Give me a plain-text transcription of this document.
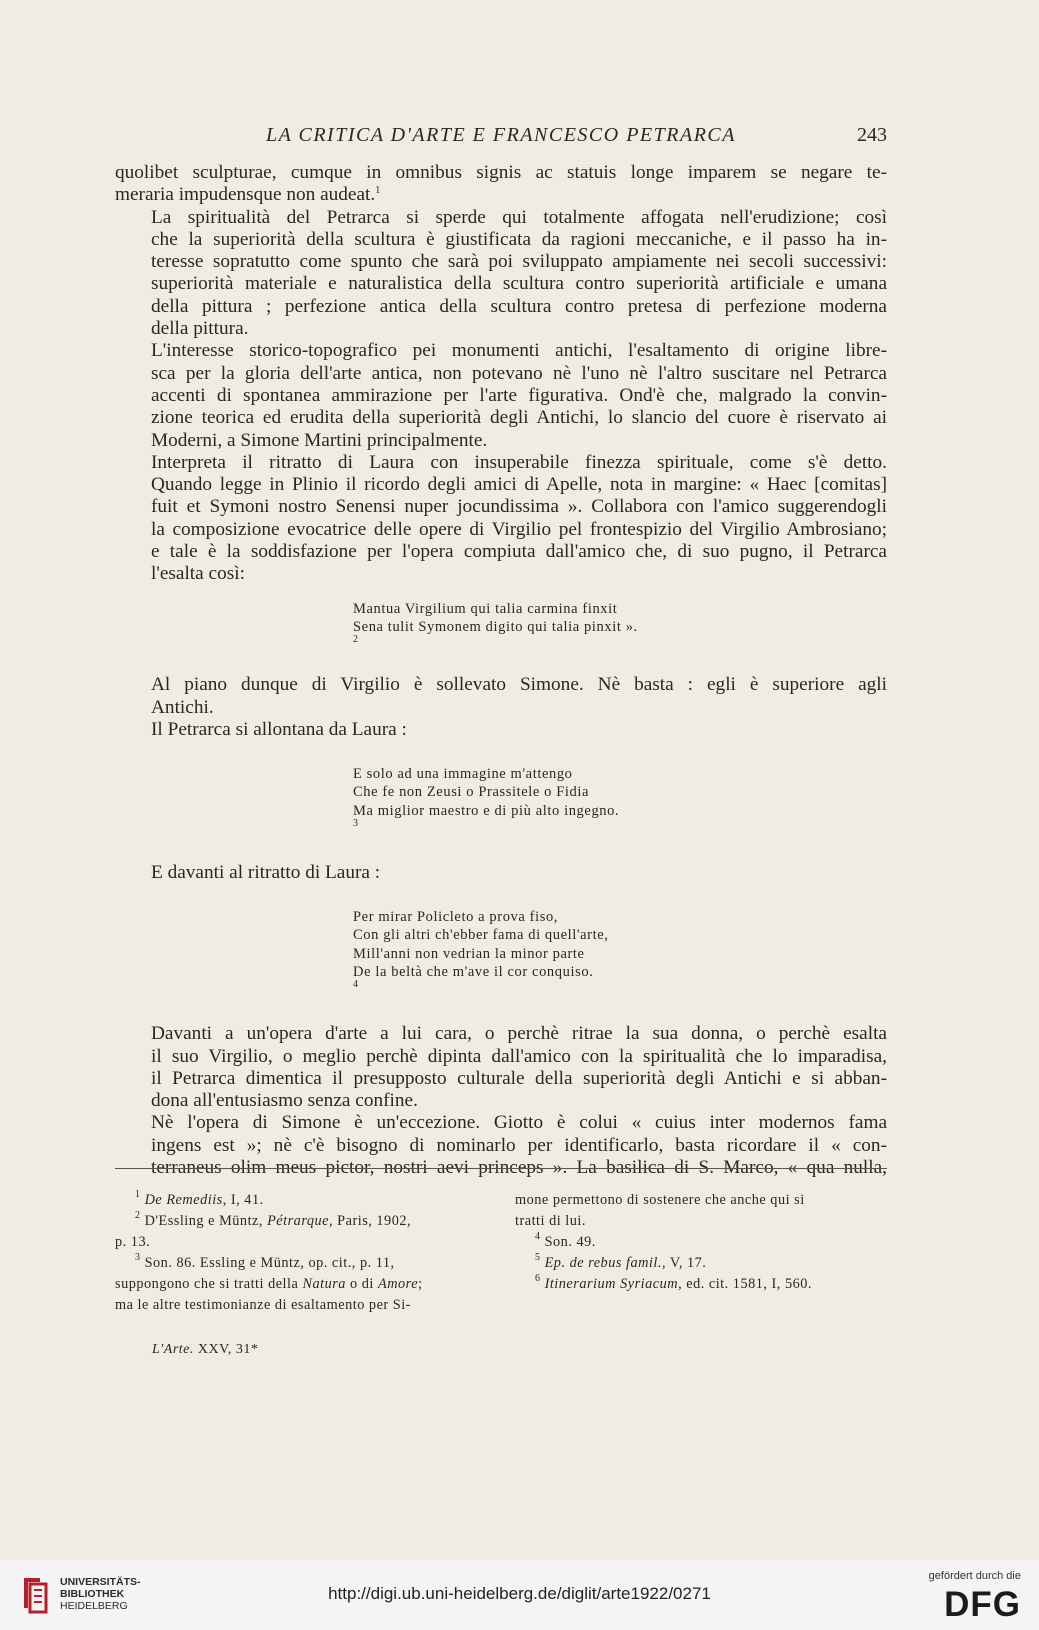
LA CRITICA D'ARTE E FRANCESCO PETRARCA	243

quolibet sculpturae, cumque in omnibus signis ac statuis longe imparem se negare te-
meraria impudensque non audeat.$^1$

La spiritualità del Petrarca si sperde qui totalmente affogata nell'erudizione; così
che la superiorità della scultura è giustificata da ragioni meccaniche, e il passo ha in-
teresse sopratutto come spunto che sarà poi sviluppato ampiamente nei secoli successivi:
superiorità materiale e naturalistica della scultura contro superiorità artificiale e umana
della pittura ; perfezione antica della scultura contro pretesa di perfezione moderna
della pittura.

L'interesse storico-topografico pei monumenti antichi, l'esaltamento di origine libre-
sca per la gloria dell'arte antica, non potevano nè l'uno nè l'altro suscitare nel Petrarca
accenti di spontanea ammirazione per l'arte figurativa. Ond'è che, malgrado la convin-
zione teorica ed erudita della superiorità degli Antichi, lo slancio del cuore è riservato ai
Moderni, a Simone Martini principalmente.

Interpreta il ritratto di Laura con insuperabile finezza spirituale, come s'è detto.
Quando legge in Plinio il ricordo degli amici di Apelle, nota in margine: « Haec [comitas]
fuit et Symoni nostro Senensi nuper jocundissima ». Collabora con l'amico suggerendogli
la composizione evocatrice delle opere di Virgilio pel frontespizio del Virgilio Ambrosiano;
e tale è la soddisfazione per l'opera compiuta dall'amico che, di suo pugno, il Petrarca
l'esalta così:

Mantua Virgilium qui talia carmina finxit
Sena tulit Symonem digito qui talia pinxit ».
$^2$

Al piano dunque di Virgilio è sollevato Simone. Nè basta : egli è superiore agli
Antichi.

Il Petrarca si allontana da Laura :

E solo ad una immagine m'attengo
Che fe non Zeusi o Prassitele o Fidia
Ma miglior maestro e di più alto ingegno.
$^3$

E davanti al ritratto di Laura :

Per mirar Policleto a prova fiso,
Con gli altri ch'ebber fama di quell'arte,
Mill'anni non vedrian la minor parte
De la beltà che m'ave il cor conquiso.
$^4$

Davanti a un'opera d'arte a lui cara, o perchè ritrae la sua donna, o perchè esalta
il suo Virgilio, o meglio perchè dipinta dall'amico con la spiritualità che lo imparadisa,
il Petrarca dimentica il presupposto culturale della superiorità degli Antichi e si abban-
dona all'entusiasmo senza confine.

Nè l'opera di Simone è un'eccezione. Giotto è colui « cuius inter modernos fama
ingens est »; nè c'è bisogno di nominarlo per identificarlo, basta ricordare il « con-
terraneus olim meus pictor, nostri aevi princeps ». La basilica di S. Marco, « qua nulla,

$^1$ De Remediis, I, 41.
$^2$ D'Essling e Müntz, Pétrarque, Paris, 1902,
p. 13.
$^3$ Son. 86. Essling e Müntz, op. cit., p. 11,
suppongono che si tratti della Natura o di Amore;
ma le altre testimonianze di esaltamento per Si-
mone permettono di sostenere che anche qui si
tratti di lui.
$^4$ Son. 49.
$^5$ Ep. de rebus famil., V, 17.
$^6$ Itinerarium Syriacum, ed. cit. 1581, I, 560.
L'Arte. XXV, 31*
UNIVERSITÄTS-
BIBLIOTHEK
HEIDELBERG
http://digi.ub.uni-heidelberg.de/diglit/arte1922/0271
gefördert durch die
DFG
